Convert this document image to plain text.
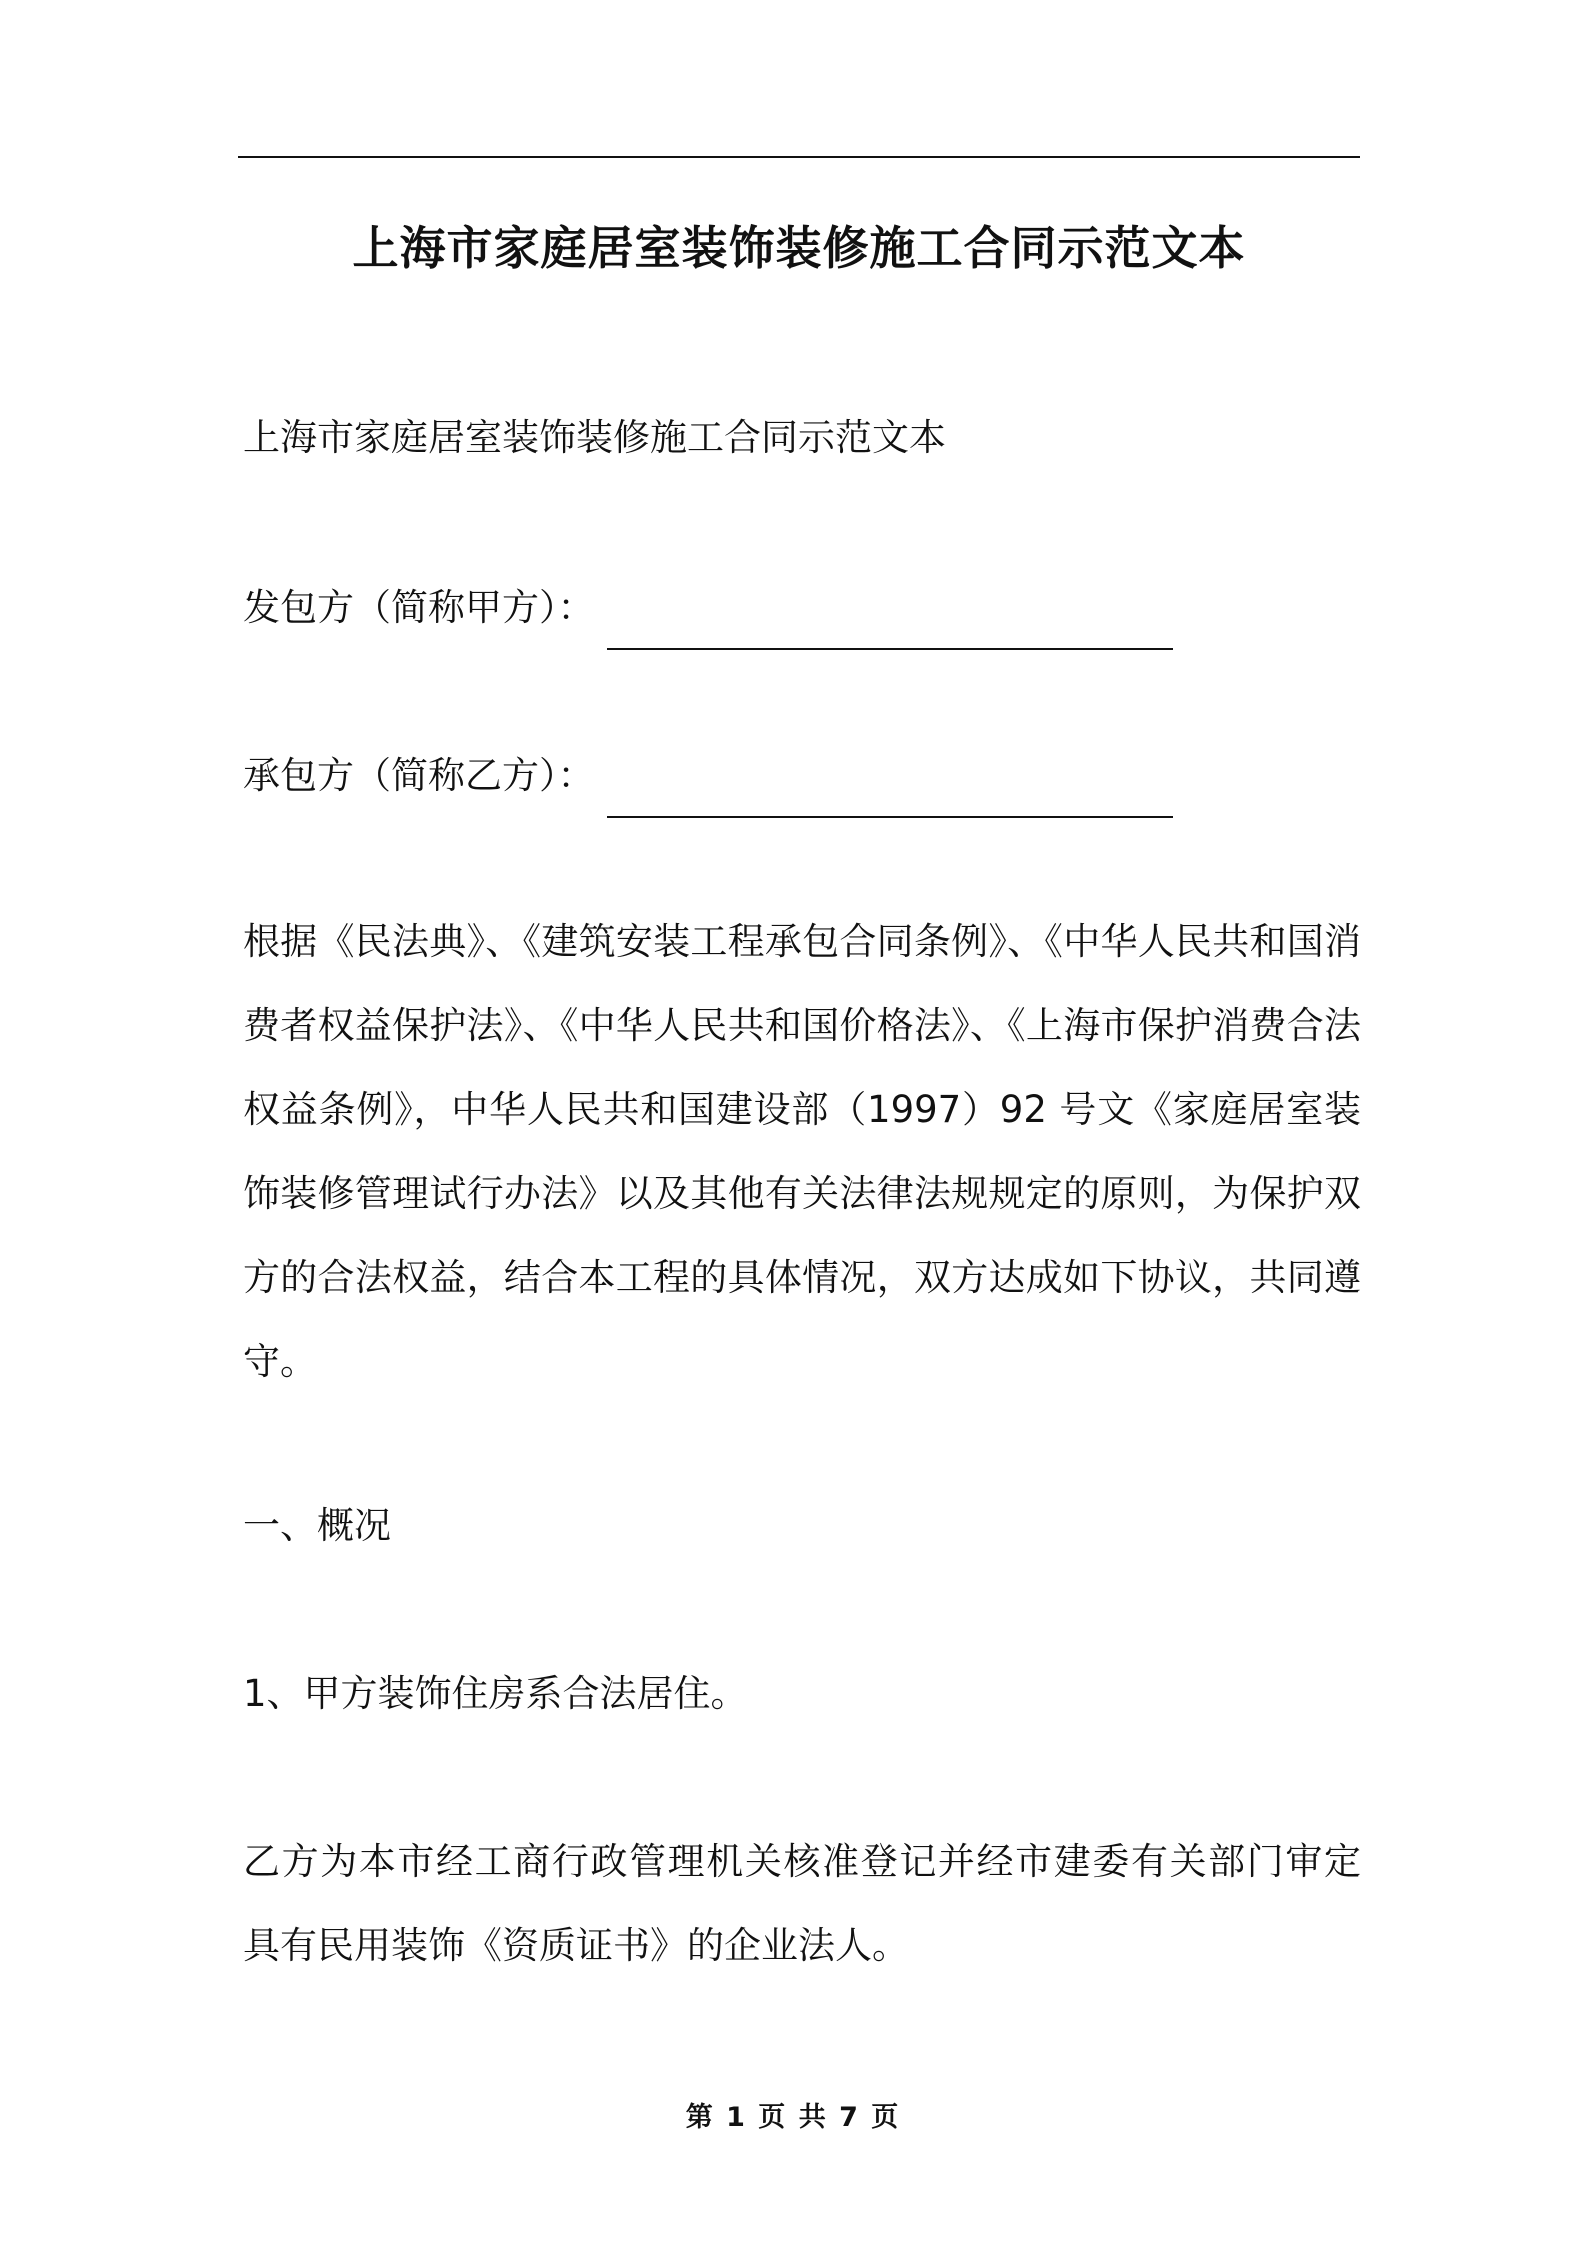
上海市家庭居室装饰装修施工合同示范文本
上海市家庭居室装饰装修施工合同示范文本
发包方（简称甲方）：
承包方（简称乙方）：
根据《民法典》、《建筑安装工程承包合同条例》、《中华人民共和国消
费者权益保护法》、《中华人民共和国价格法》、《上海市保护消费合法
权益条例》，中华人民共和国建设部（1997）92 号文《家庭居室装
饰装修管理试行办法》以及其他有关法律法规规定的原则，为保护双
方的合法权益，结合本工程的具体情况，双方达成如下协议，共同遵
守。
一、概况
1、甲方装饰住房系合法居住。
乙方为本市经工商行政管理机关核准登记并经市建委有关部门审定
具有民用装饰《资质证书》的企业法人。
第 1 页 共 7 页
